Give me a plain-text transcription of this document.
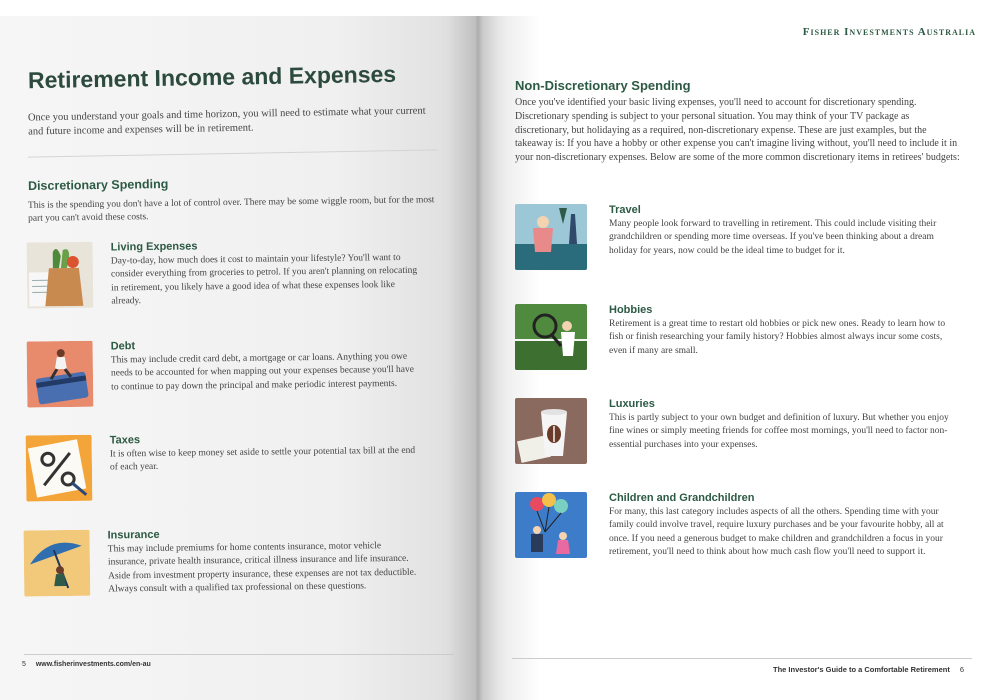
Retirement Income and Expenses

Once you understand your goals and time horizon, you will need to estimate what your current and future income and expenses will be in retirement.

Discretionary Spending

This is the spending you don't have a lot of control over. There may be some wiggle room, but for the most part you can't avoid these costs.

Living Expenses

Day-to-day, how much does it cost to maintain your lifestyle? You'll want to consider everything from groceries to petrol. If you aren't planning on relocating in retirement, you likely have a good idea of what these expenses look like already.

Debt

This may include credit card debt, a mortgage or car loans. Anything you owe needs to be accounted for when mapping out your expenses because you'll have to continue to pay down the principal and make periodic interest payments.

Taxes

It is often wise to keep money set aside to settle your potential tax bill at the end of each year.

Insurance

This may include premiums for home contents insurance, motor vehicle insurance, private health insurance, critical illness insurance and life insurance. Aside from investment property insurance, these expenses are not tax deductible. Always consult with a qualified tax professional on these questions.

5 www.fisherinvestments.com/en-au
Fisher Investments Australia
Non-Discretionary Spending

Once you've identified your basic living expenses, you'll need to account for discretionary spending. Discretionary spending is subject to your personal situation. You may think of your TV package as discretionary, but holidaying as a required, non-discretionary expense. These are just examples, but the takeaway is: If you have a hobby or other expense you can't imagine living without, you'll need to include it in your non-discretionary expenses. Below are some of the more common discretionary items in retirees' budgets:

Travel

Many people look forward to travelling in retirement. This could include visiting their grandchildren or spending more time overseas. If you've been thinking about a dream holiday for years, now could be the ideal time to budget for it.

Hobbies

Retirement is a great time to restart old hobbies or pick new ones. Ready to learn how to fish or finish researching your family history? Hobbies almost always incur some costs, even if many are small.

Luxuries

This is partly subject to your own budget and definition of luxury. But whether you enjoy fine wines or simply meeting friends for coffee most mornings, you'll need to factor non-essential purchases into your expenses.

Children and Grandchildren

For many, this last category includes aspects of all the others. Spending time with your family could involve travel, require luxury purchases and be your favourite hobby, all at once. If you need a generous budget to make children and grandchildren a focus in your retirement, you'll need to think about how much cash flow you'll need to support it.

The Investor's Guide to a Comfortable Retirement 6
